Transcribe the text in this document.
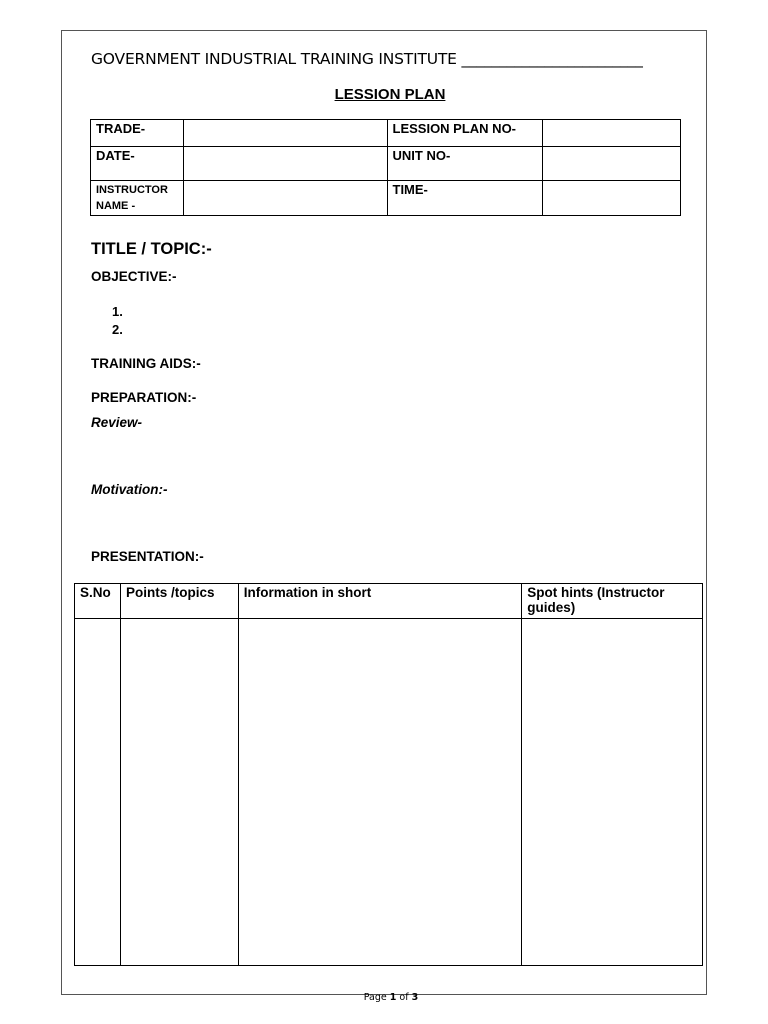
GOVERNMENT INDUSTRIAL TRAINING INSTITUTE ________________________
LESSION PLAN
TRADE-		LESSION PLAN NO-	
DATE-		UNIT NO-	
INSTRUCTOR
NAME -		TIME-	
TITLE / TOPIC:-
OBJECTIVE:-
1.
2.
TRAINING AIDS:-
PREPARATION:-
Review-
Motivation:-
PRESENTATION:-
S.No	Points /topics	Information in short	Spot hints (Instructor guides)

Page 1 of 3
